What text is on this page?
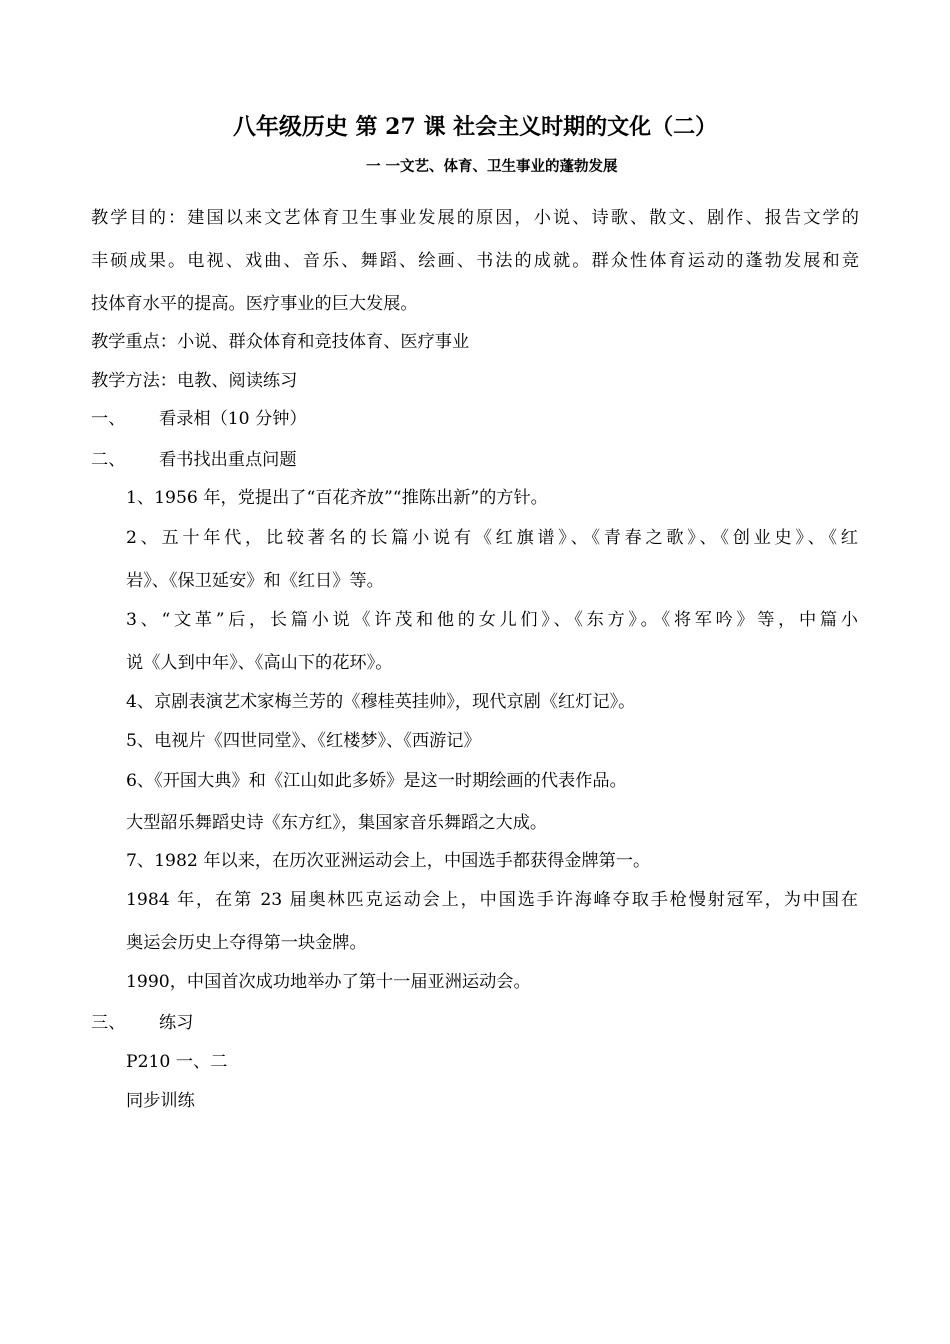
八年级历史 第 27 课 社会主义时期的文化（二）
一 一文艺、体育、卫生事业的蓬勃发展
教学目的：建国以来文艺体育卫生事业发展的原因，小说、诗歌、散文、剧作、报告文学的
丰硕成果。电视、戏曲、音乐、舞蹈、绘画、书法的成就。群众性体育运动的蓬勃发展和竞
技体育水平的提高。医疗事业的巨大发展。
教学重点：小说、群众体育和竞技体育、医疗事业
教学方法：电教、阅读练习
一、 看录相（10 分钟）
二、 看书找出重点问题
1、1956 年，党提出了“百花齐放”“推陈出新”的方针。
2、五十年代，比较著名的长篇小说有《红旗谱》、《青春之歌》、《创业史》、《红
岩》、《保卫延安》和《红日》等。
3、“文革”后，长篇小说《许茂和他的女儿们》、《东方》。《将军吟》等，中篇小
说《人到中年》、《高山下的花环》。
4、京剧表演艺术家梅兰芳的《穆桂英挂帅》，现代京剧《红灯记》。
5、电视片《四世同堂》、《红楼梦》、《西游记》
6、《开国大典》和《江山如此多娇》是这一时期绘画的代表作品。
大型韶乐舞蹈史诗《东方红》，集国家音乐舞蹈之大成。
7、1982 年以来，在历次亚洲运动会上，中国选手都获得金牌第一。
1984 年，在第 23 届奥林匹克运动会上，中国选手许海峰夺取手枪慢射冠军，为中国在
奥运会历史上夺得第一块金牌。
1990，中国首次成功地举办了第十一届亚洲运动会。
三、 练习
P210 一、二
同步训练
